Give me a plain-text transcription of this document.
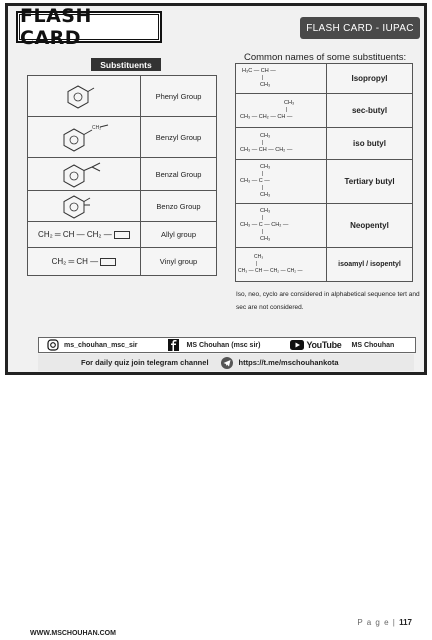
FLASH CARD	FLASH CARD - IUPAC
Substituents
Common names of some substituents:
	Phenyl Group

CH₂	Benzyl Group

	Benzal Group

	Benzo Group
CH₂ ═ CH — CH₂ —	Allyl group
CH₂ ═ CH —	Vinyl group
H₃C — CH —
|
CH₃	Isopropyl

CH₃
|
CH₃ — CH₂ — CH —	sec-butyl

CH₃
|
CH₃ — CH — CH₂ —	iso butyl

CH₃
|
CH₃ — C —
|
CH₃	Tertiary butyl

CH₃
|
CH₃ — C — CH₂ —
|
CH₃	Neopentyl

CH₃
|
CH₃ — CH — CH₂ — CH₂ —	isoamyl / isopentyl
Iso, neo, cyclo are considered in alphabetical sequence tert and sec are not considered.
ms_chouhan_msc_sir	MS Chouhan (msc sir)	YouTube MS Chouhan
For daily quiz join telegram channel	https://t.me/mschouhankota
P a g e | 117
WWW.MSCHOUHAN.COM
